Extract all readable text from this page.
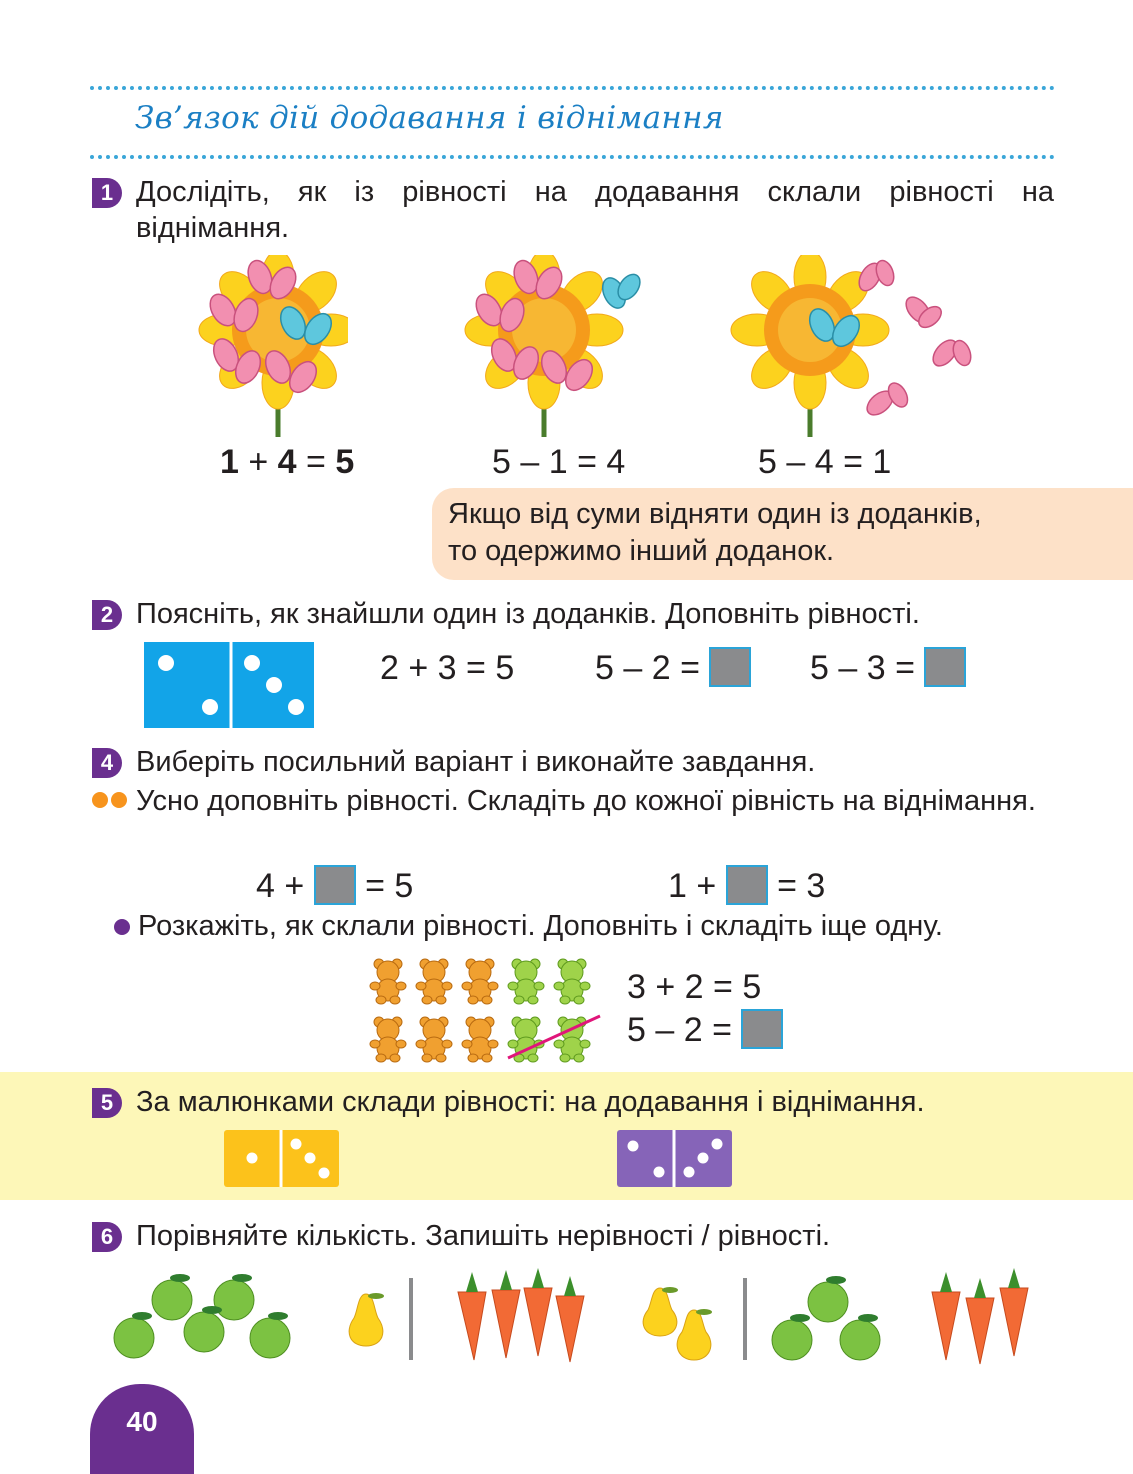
Зв’язок дій додавання і віднімання
1 Дослідіть, як із рівності на додавання склали рівності на віднімання.
1 + 4 = 5	5 – 1 = 4	5 – 4 = 1
Якщо від суми відняти один із доданків,
то одержимо інший доданок.
2 Поясніть, як знайшли один із доданків. Доповніть рівності.
2 + 3 = 5 5 – 2 =	5 – 3 =
4 Виберіть посильний варіант і виконайте завдання.
Усно доповніть рівності. Складіть до кожної рівність на віднімання.
4 + = 5	1 + = 3
Розкажіть, як склали рівності. Доповніть і складіть іще одну.
3 + 2 = 5
5 – 2 =
5 За малюнками склади рівності: на додавання і віднімання.
6 Порівняйте кількість. Запишіть нерівності / рівності.
40
